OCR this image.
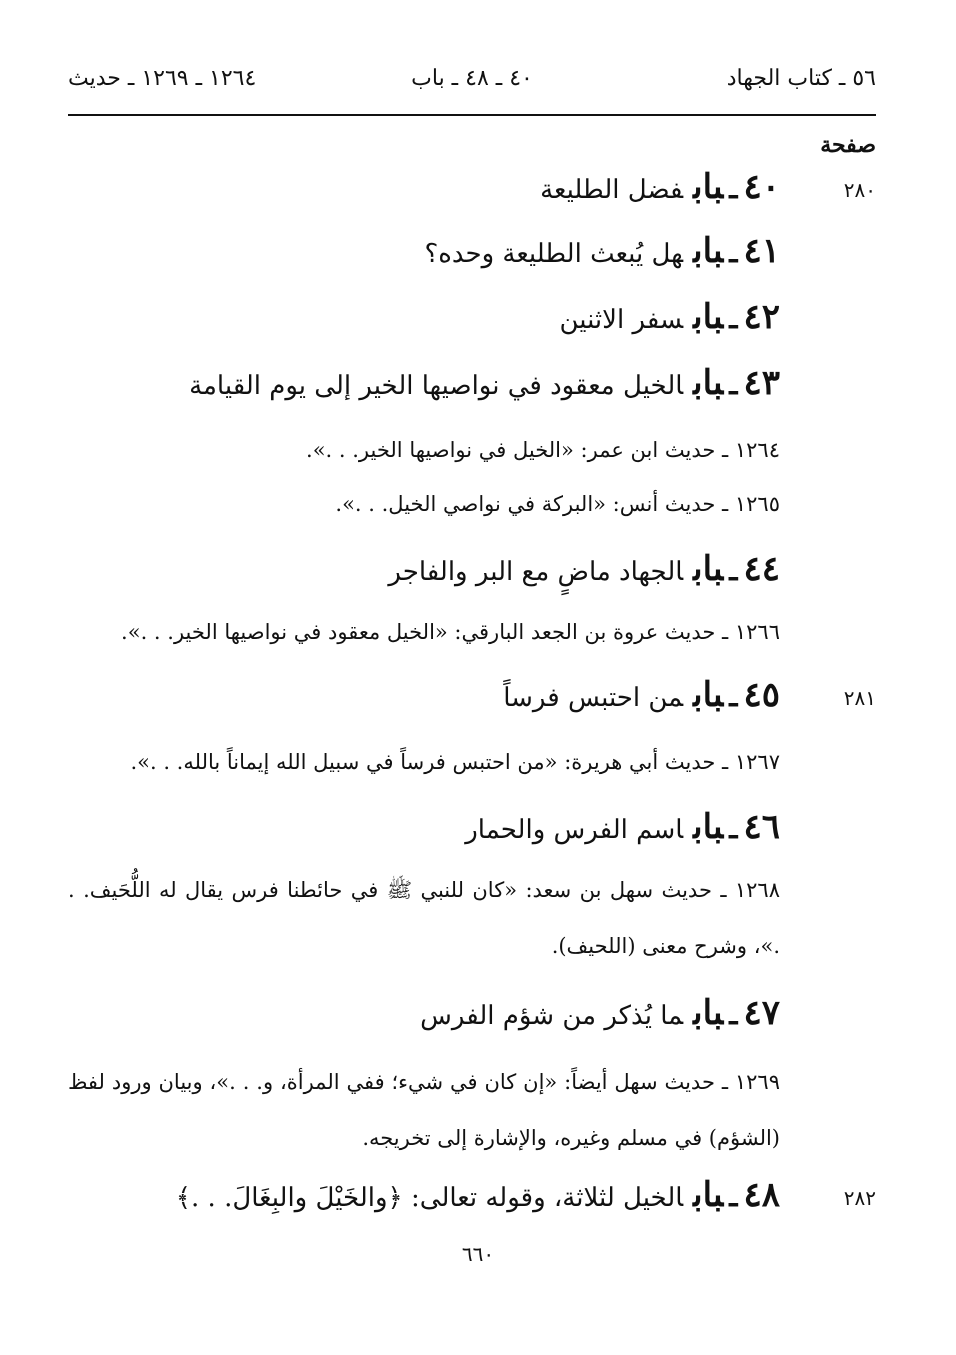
٥٦ ـ كتاب الجهاد
٤٠ ـ ٤٨ ـ باب
١٢٦٤ ـ ١٢٦٩ ـ حديث
صفحة
٢٨٠
٤٠ـبابفضل الطليعة
٤١ـبابهل يُبعث الطليعة وحده؟
٤٢ـبابسفر الاثنين
٤٣ـبابالخيل معقود في نواصيها الخير إلى يوم القيامة
١٢٦٤ ـ حديث ابن عمر: «الخيل في نواصيها الخير. . .».
١٢٦٥ ـ حديث أنس: «البركة في نواصي الخيل. . .».
٤٤ـبابالجهاد ماضٍ مع البر والفاجر
١٢٦٦ ـ حديث عروة بن الجعد البارقي: «الخيل معقود في نواصيها الخير. . .».
٢٨١
٤٥ـبابمن احتبس فرساً
١٢٦٧ ـ حديث أبي هريرة: «من احتبس فرساً في سبيل الله إيماناً بالله. . .».
٤٦ـباباسم الفرس والحمار
١٢٦٨ ـ حديث سهل بن سعد: «كان للنبي ﷺ في حائطنا فرس يقال له اللُّحَيف. . .»، وشرح معنى (اللحيف).
٤٧ـبابما يُذكر من شؤم الفرس
١٢٦٩ ـ حديث سهل أيضاً: «إن كان في شيء؛ ففي المرأة، و. . .»، وبيان ورود لفظ (الشؤم) في مسلم وغيره، والإشارة إلى تخريجه.
٢٨٢
٤٨ـبابالخيل لثلاثة، وقوله تعالى: ﴿والخَيْلَ والبِغَالَ. . .﴾
٦٦٠
